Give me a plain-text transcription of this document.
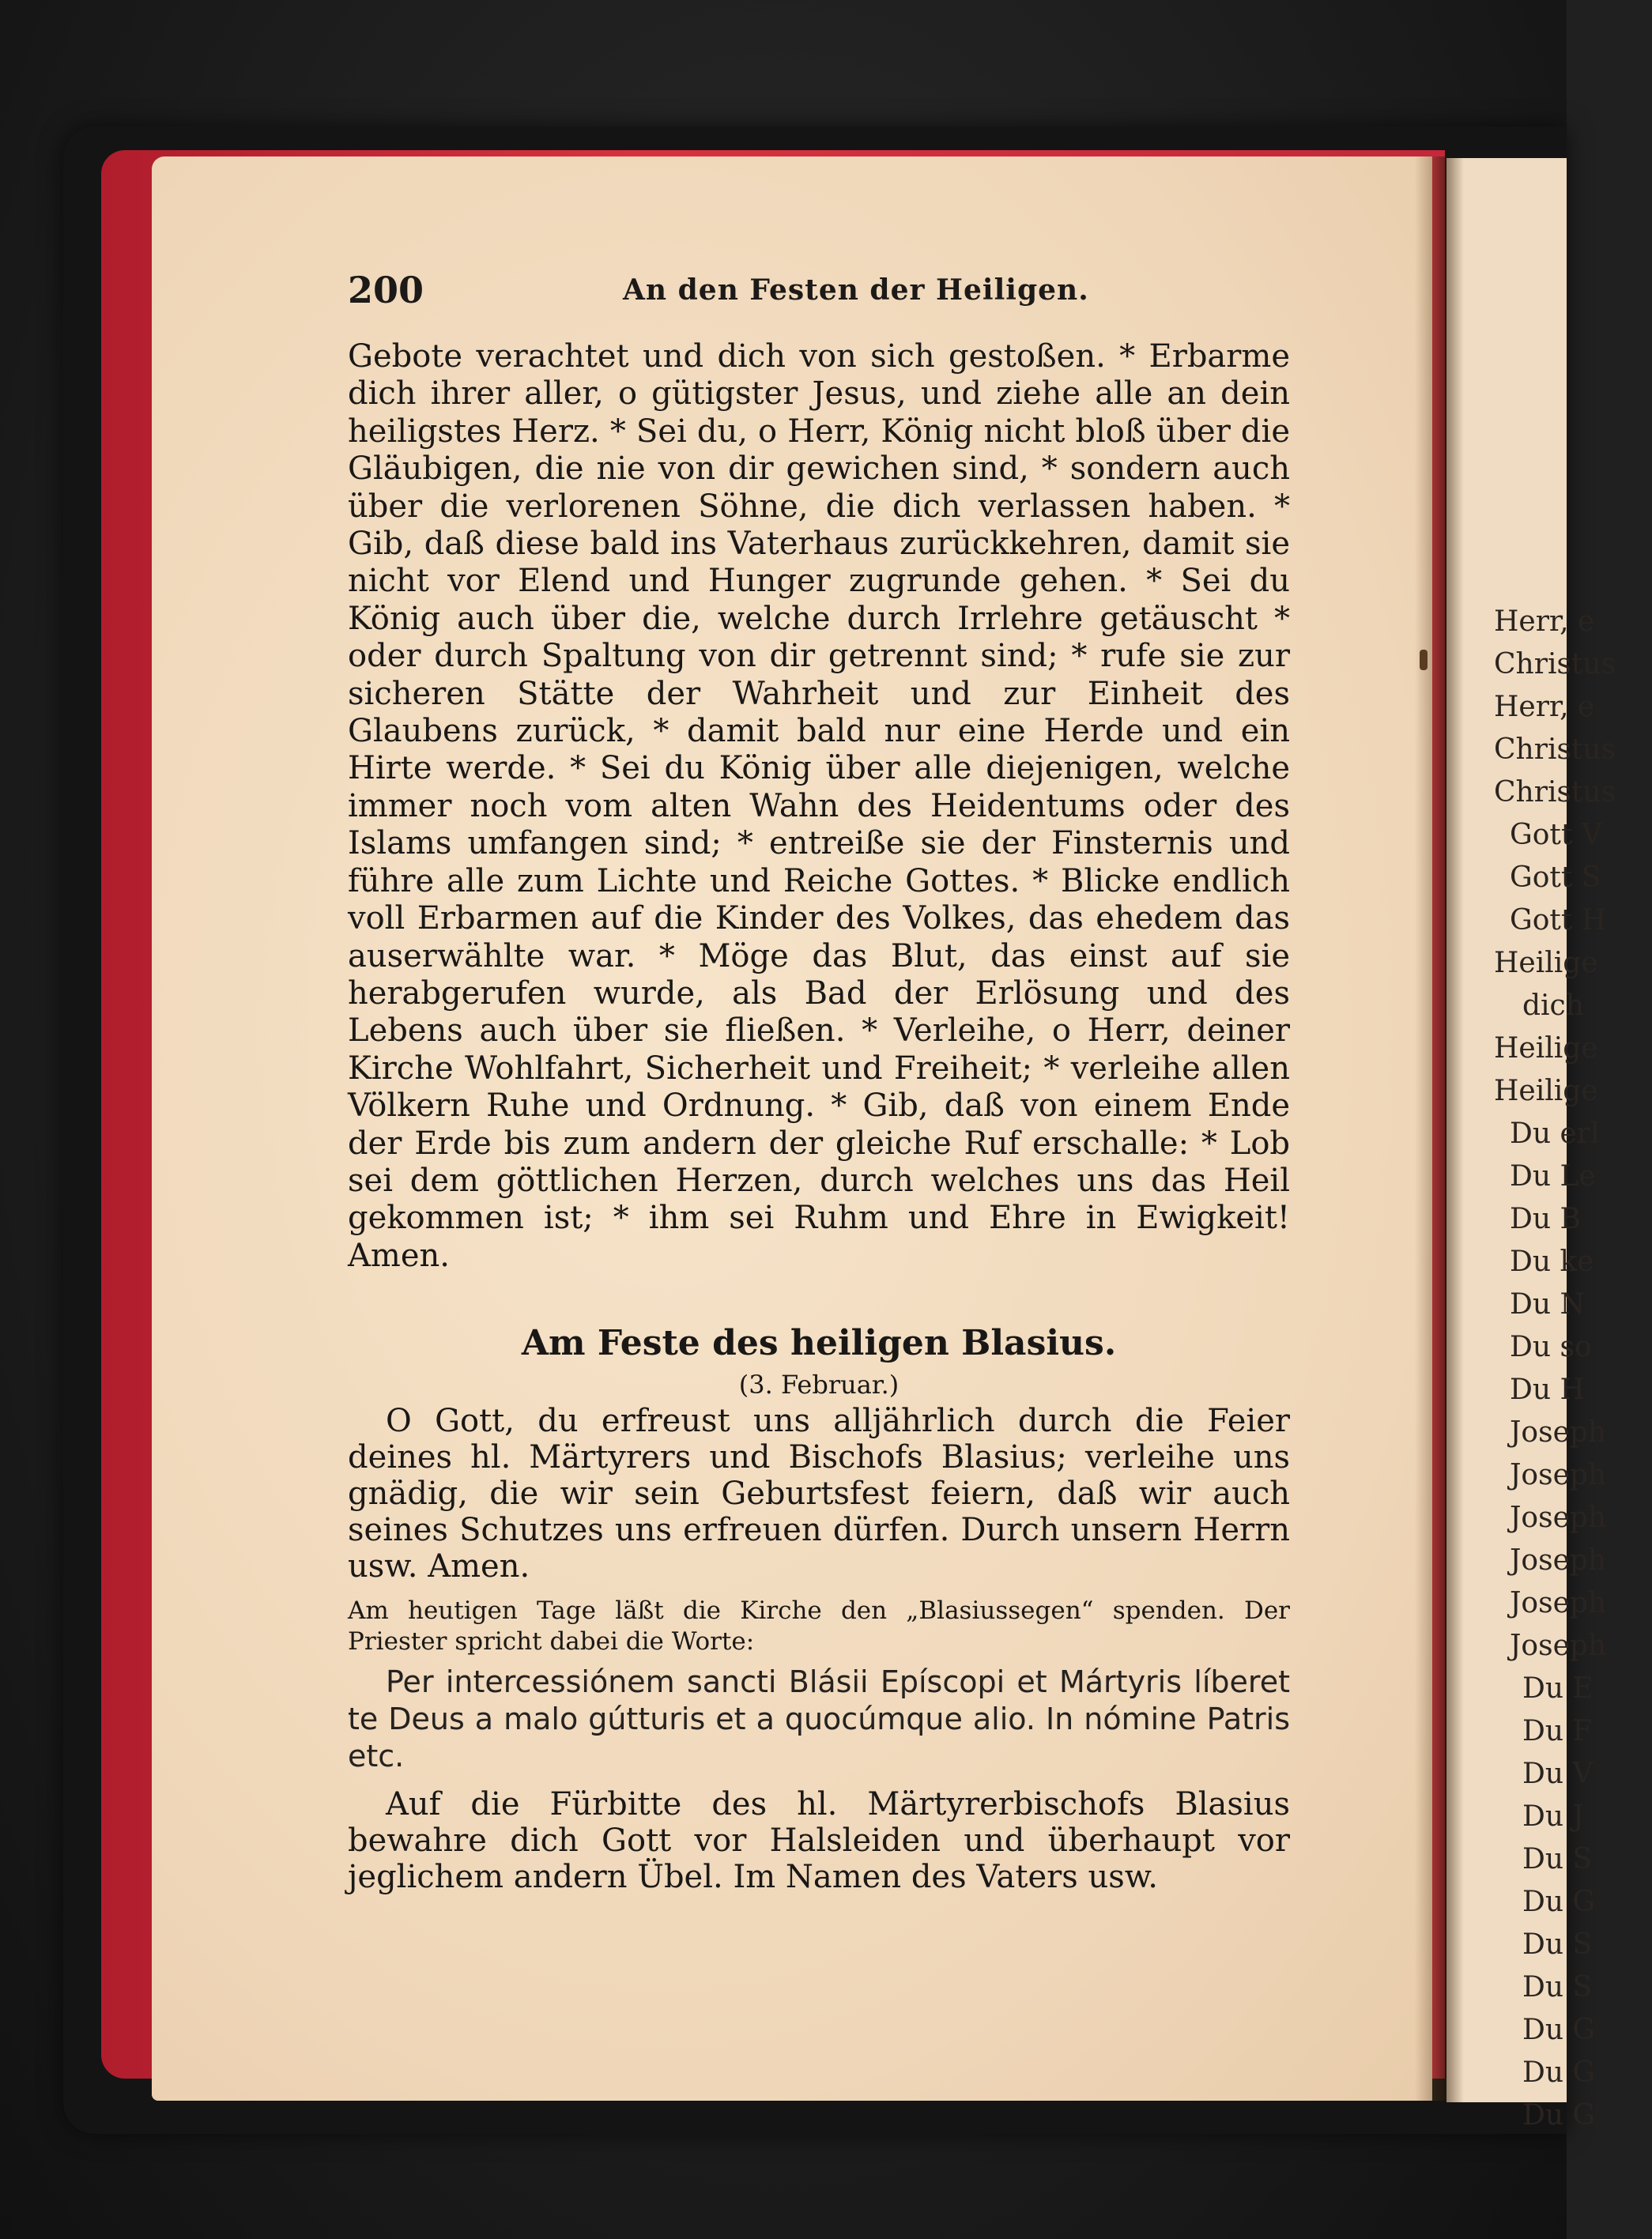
Herr, e
Christus
Herr, e
Christus
Christus
Gott V
Gott S
Gott H
Heilige
dich
Heilige
Heilige
Du erl
Du Le
Du B
Du ke
Du N
Du so
Du H
Joseph
Joseph
Joseph
Joseph
Joseph
Joseph
Du E
Du F
Du V
Du J
Du S
Du G
Du S
Du S
Du G
Du G
Du G
200	An den Festen der Heiligen.

Gebote verachtet und dich von sich gestoßen. * Erbarme dich ihrer aller, o gütigster Jesus, und ziehe alle an dein heiligstes Herz. * Sei du, o Herr, König nicht bloß über die Gläubigen, die nie von dir gewichen sind, * sondern auch über die verlorenen Söhne, die dich verlassen haben. * Gib, daß diese bald ins Vaterhaus zurückkehren, damit sie nicht vor Elend und Hunger zugrunde gehen. * Sei du König auch über die, welche durch Irrlehre getäuscht * oder durch Spaltung von dir getrennt sind; * rufe sie zur sicheren Stätte der Wahrheit und zur Einheit des Glaubens zurück, * damit bald nur eine Herde und ein Hirte werde. * Sei du König über alle diejenigen, welche immer noch vom alten Wahn des Heidentums oder des Islams umfangen sind; * entreiße sie der Finsternis und führe alle zum Lichte und Reiche Gottes. * Blicke endlich voll Erbarmen auf die Kinder des Volkes, das ehedem das auserwählte war. * Möge das Blut, das einst auf sie herabgerufen wurde, als Bad der Erlösung und des Lebens auch über sie fließen. * Verleihe, o Herr, deiner Kirche Wohlfahrt, Sicherheit und Freiheit; * verleihe allen Völkern Ruhe und Ordnung. * Gib, daß von einem Ende der Erde bis zum andern der gleiche Ruf erschalle: * Lob sei dem göttlichen Herzen, durch welches uns das Heil gekommen ist; * ihm sei Ruhm und Ehre in Ewigkeit! Amen.

Am Feste des heiligen Blasius.

(3. Februar.)

O Gott, du erfreust uns alljährlich durch die Feier deines hl. Märtyrers und Bischofs Blasius; verleihe uns gnädig, die wir sein Geburtsfest feiern, daß wir auch seines Schutzes uns erfreuen dürfen. Durch unsern Herrn usw. Amen.

Am heutigen Tage läßt die Kirche den „Blasiussegen“ spenden. Der Priester spricht dabei die Worte:

Per intercessiónem sancti Blásii Epíscopi et Mártyris líberet te Deus a malo gútturis et a quocúmque alio. In nómine Patris etc.

Auf die Fürbitte des hl. Märtyrerbischofs Blasius bewahre dich Gott vor Halsleiden und überhaupt vor jeglichem andern Übel. Im Namen des Vaters usw.
